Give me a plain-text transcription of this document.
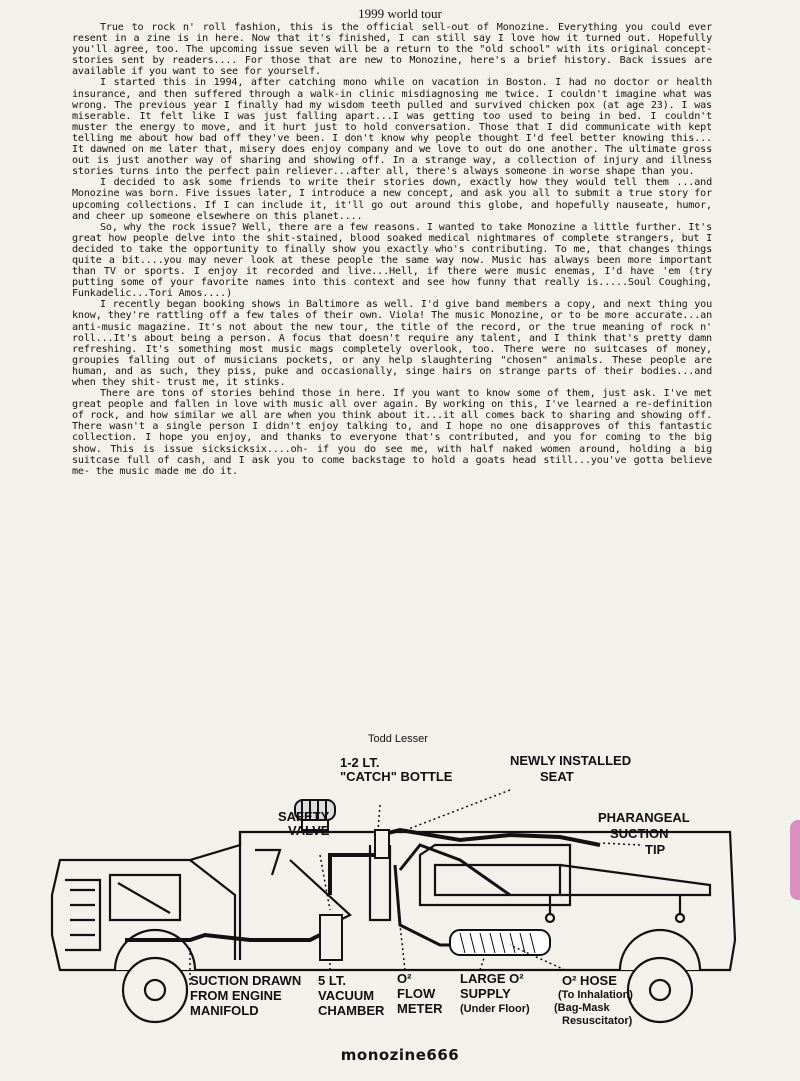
1999 world tour

True to rock n' roll fashion, this is the official sell-out of Monozine. Everything you could ever resent in a zine is in here. Now that it's finished, I can still say I love how it turned out. Hopefully you'll agree, too. The upcoming issue seven will be a return to the "old school" with its original concept- stories sent by readers.... For those that are new to Monozine, here's a brief history. Back issues are available if you want to see for yourself.

I started this in 1994, after catching mono while on vacation in Boston. I had no doctor or health insurance, and then suffered through a walk-in clinic misdiagnosing me twice. I couldn't imagine what was wrong. The previous year I finally had my wisdom teeth pulled and survived chicken pox (at age 23). I was miserable. It felt like I was just falling apart...I was getting too used to being in bed. I couldn't muster the energy to move, and it hurt just to hold conversation. Those that I did communicate with kept telling me about how bad off they've been. I don't know why people thought I'd feel better knowing this... It dawned on me later that, misery does enjoy company and we love to out do one another. The ultimate gross out is just another way of sharing and showing off. In a strange way, a collection of injury and illness stories turns into the perfect pain reliever...after all, there's always someone in worse shape than you.

I decided to ask some friends to write their stories down, exactly how they would tell them ...and Monozine was born. Five issues later, I introduce a new concept, and ask you all to submit a true story for upcoming collections. If I can include it, it'll go out around this globe, and hopefully nauseate, humor, and cheer up someone elsewhere on this planet....

So, why the rock issue? Well, there are a few reasons. I wanted to take Monozine a little further. It's great how people delve into the shit-stained, blood soaked medical nightmares of complete strangers, but I decided to take the opportunity to finally show you exactly who's contributing. To me, that changes things quite a bit....you may never look at these people the same way now. Music has always been more important than TV or sports. I enjoy it recorded and live...Hell, if there were music enemas, I'd have 'em (try putting some of your favorite names into this context and see how funny that really is.....Soul Coughing, Funkadelic...Tori Amos....)

I recently began booking shows in Baltimore as well. I'd give band members a copy, and next thing you know, they're rattling off a few tales of their own. Viola! The music Monozine, or to be more accurate...an anti-music magazine. It's not about the new tour, the title of the record, or the true meaning of rock n' roll...It's about being a person. A focus that doesn't require any talent, and I think that's pretty damn refreshing. It's something most music mags completely overlook, too. There were no suitcases of money, groupies falling out of musicians pockets, or any help slaughtering "chosen" animals. These people are human, and as such, they piss, puke and occasionally, singe hairs on strange parts of their bodies...and when they shit- trust me, it stinks.

There are tons of stories behind those in here. If you want to know some of them, just ask. I've met great people and fallen in love with music all over again. By working on this, I've learned a re-definition of rock, and how similar we all are when you think about it...it all comes back to sharing and showing off. There wasn't a single person I didn't enjoy talking to, and I hope no one disapproves of this fantastic collection. I hope you enjoy, and thanks to everyone that's contributed, and you for coming to the big show. This is issue sicksicksix....oh- if you do see me, with half naked women around, holding a big suitcase full of cash, and I ask you to come backstage to hold a goats head still...you've gotta believe me- the music made me do it.

Todd Lesser
1-2 LT.
"CATCH" BOTTLE
NEWLY INSTALLED
SEAT
SAFETY
VALVE
PHARANGEAL
SUCTION
TIP
SUCTION DRAWN
FROM ENGINE
MANIFOLD
5 LT.
VACUUM
CHAMBER
O²
FLOW
METER
LARGE O²
SUPPLY
(Under Floor)
O² HOSE
(To Inhalation)
(Bag-Mask
Resuscitator)
monozine666
